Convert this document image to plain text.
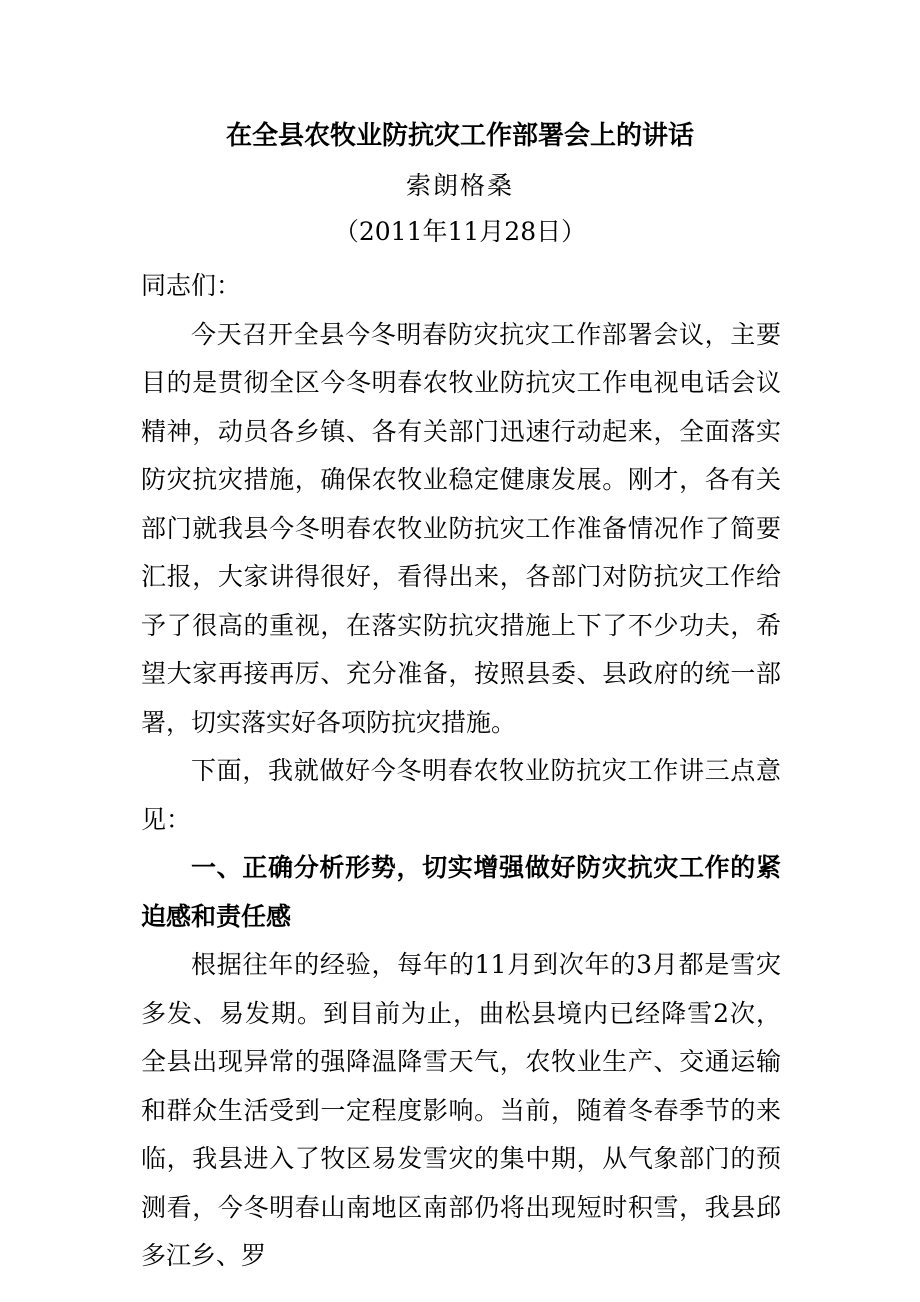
在全县农牧业防抗灾工作部署会上的讲话
索朗格桑
（2011年11月28日）

同志们：

今天召开全县今冬明春防灾抗灾工作部署会议，主要目的是贯彻全区今冬明春农牧业防抗灾工作电视电话会议精神，动员各乡镇、各有关部门迅速行动起来，全面落实防灾抗灾措施，确保农牧业稳定健康发展。刚才，各有关部门就我县今冬明春农牧业防抗灾工作准备情况作了简要汇报，大家讲得很好，看得出来，各部门对防抗灾工作给予了很高的重视，在落实防抗灾措施上下了不少功夫，希望大家再接再厉、充分准备，按照县委、县政府的统一部署，切实落实好各项防抗灾措施。

下面，我就做好今冬明春农牧业防抗灾工作讲三点意见：

一、正确分析形势，切实增强做好防灾抗灾工作的紧迫感和责任感

根据往年的经验，每年的11月到次年的3月都是雪灾多发、易发期。到目前为止，曲松县境内已经降雪2次，全县出现异常的强降温降雪天气，农牧业生产、交通运输和群众生活受到一定程度影响。当前，随着冬春季节的来临，我县进入了牧区易发雪灾的集中期，从气象部门的预测看，今冬明春山南地区南部仍将出现短时积雪，我县邱多江乡、罗
